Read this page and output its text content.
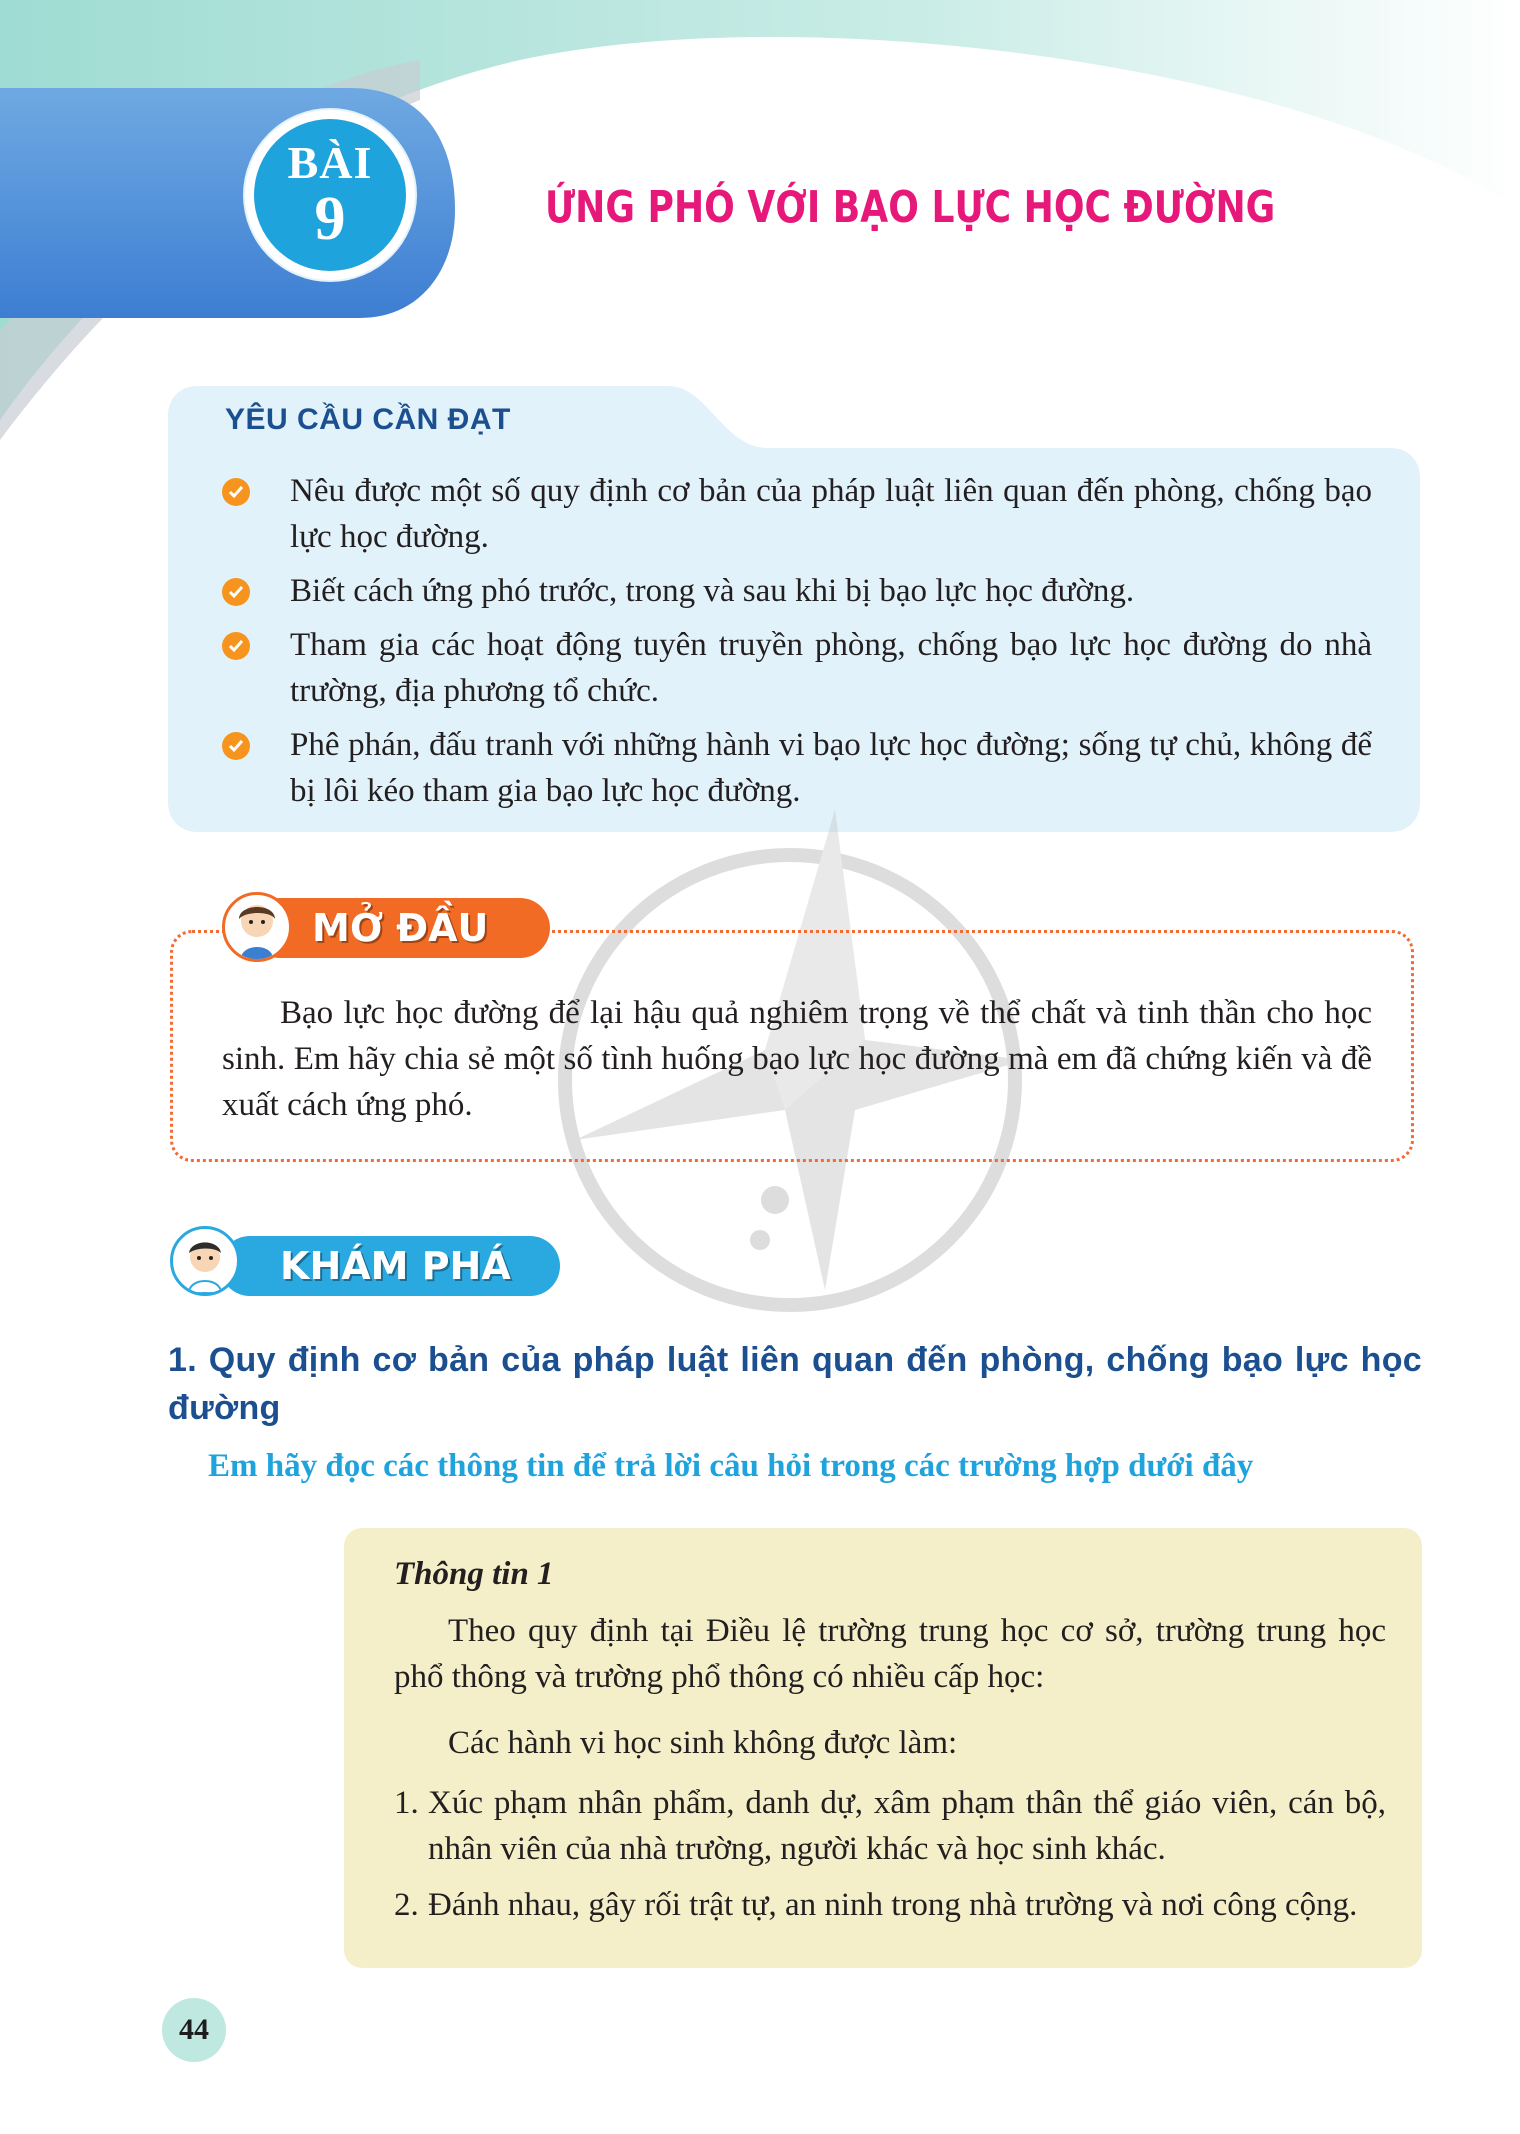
BÀI
9	ỨNG PHÓ VỚI BẠO LỰC HỌC ĐƯỜNG
YÊU CẦU CẦN ĐẠT
Nêu được một số quy định cơ bản của pháp luật liên quan đến phòng, chống bạo lực học đường.
Biết cách ứng phó trước, trong và sau khi bị bạo lực học đường.
Tham gia các hoạt động tuyên truyền phòng, chống bạo lực học đường do nhà trường, địa phương tổ chức.
Phê phán, đấu tranh với những hành vi bạo lực học đường; sống tự chủ, không để bị lôi kéo tham gia bạo lực học đường.
MỞ ĐẦU
Bạo lực học đường để lại hậu quả nghiêm trọng về thể chất và tinh thần cho học sinh. Em hãy chia sẻ một số tình huống bạo lực học đường mà em đã chứng kiến và đề xuất cách ứng phó.
KHÁM PHÁ
1. Quy định cơ bản của pháp luật liên quan đến phòng, chống bạo lực học đường
Em hãy đọc các thông tin để trả lời câu hỏi trong các trường hợp dưới đây
Thông tin 1
Theo quy định tại Điều lệ trường trung học cơ sở, trường trung học phổ thông và trường phổ thông có nhiều cấp học:
Các hành vi học sinh không được làm:
1. Xúc phạm nhân phẩm, danh dự, xâm phạm thân thể giáo viên, cán bộ, nhân viên của nhà trường, người khác và học sinh khác.
2. Đánh nhau, gây rối trật tự, an ninh trong nhà trường và nơi công cộng.
44
